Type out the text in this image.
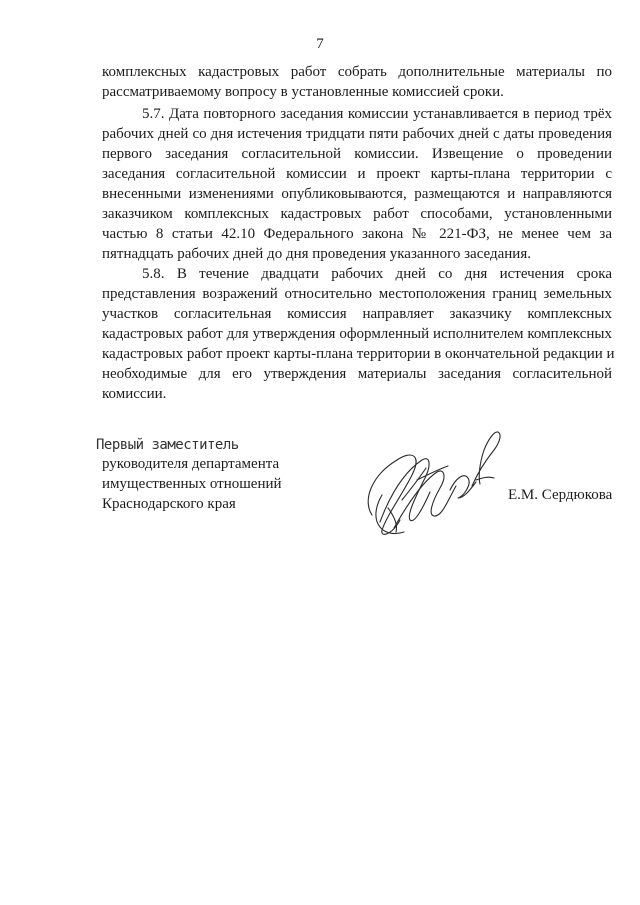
7
комплексных кадастровых работ собрать дополнительные материалы по
рассматриваемому вопросу в установленные комиссией сроки.
5.7. Дата повторного заседания комиссии устанавливается в период трёх
рабочих дней со дня истечения тридцати пяти рабочих дней с даты проведения
первого заседания согласительной комиссии. Извещение о проведении
заседания согласительной комиссии и проект карты-плана территории с
внесенными изменениями опубликовываются, размещаются и направляются
заказчиком комплексных кадастровых работ способами, установленными
частью 8 статьи 42.10 Федерального закона № 221-ФЗ, не менее чем за
пятнадцать рабочих дней до дня проведения указанного заседания.
5.8. В течение двадцати рабочих дней со дня истечения срока
представления возражений относительно местоположения границ земельных
участков согласительная комиссия направляет заказчику комплексных
кадастровых работ для утверждения оформленный исполнителем комплексных
кадастровых работ проект карты-плана территории в окончательной редакции и
необходимые для его утверждения материалы заседания согласительной
комиссии.
Первый заместитель
руководителя департамента
имущественных отношений
Краснодарского края
Е.М. Сердюкова
